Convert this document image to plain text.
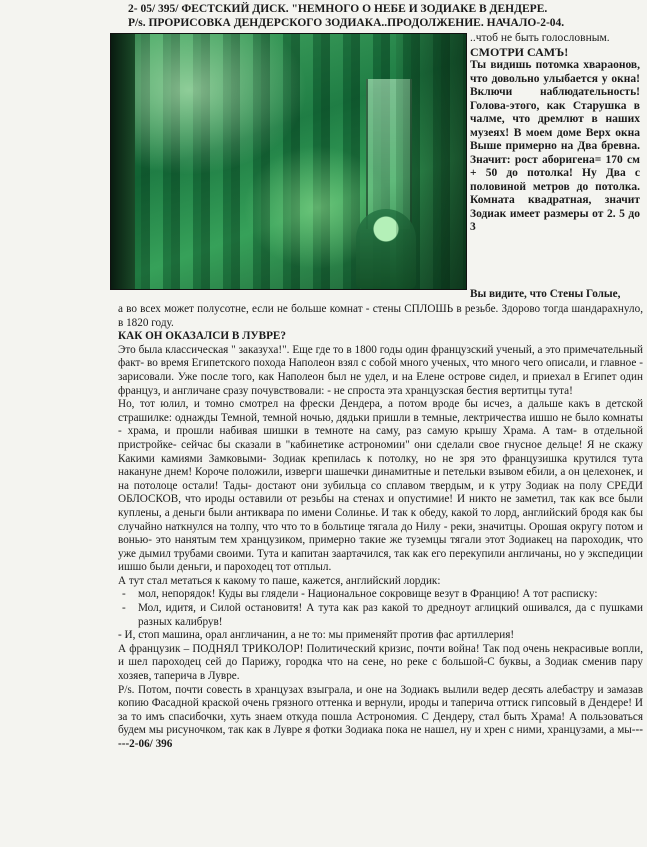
2- 05/ 395/ ФЕСТСКИЙ ДИСК. "НЕМНОГО О НЕБЕ И ЗОДИАКЕ В ДЕНДЕРЕ.
P/s. ПРОРИСОВКА ДЕНДЕРСКОГО ЗОДИАКА..ПРОДОЛЖЕНИЕ. НАЧАЛО-2-04.

..чтоб не быть голословным.

СМОТРИ САМЪ!

Ты видишь потомка хвараонов, что довольно улыбается у окна! Включи наблюдательность! Голова-этого, как Старушка в чалме, что дремлют в наших музеях! В моем доме Верх окна Выше примерно на Два бревна. Значит: рост аборигена= 170 см + 50 до потолка! Ну Два с половиной метров до потолка. Комната квадратная, значит Зодиак имеет размеры от 2. 5 до 3

Вы видите, что Стены Голые,

а во всех может полусотне, если не больше комнат - стены СПЛОШЬ в резьбе. Здорово тогда шандарахнуло, в 1820 году.

КАК ОН ОКАЗАЛСИ В ЛУВРЕ?

Это была классическая " заказуха!". Еще где то в 1800 годы один французский ученый, а это примечательный факт- во время Египетского похода Наполеон взял с собой много ученых, что много чего описали, и главное - зарисовали. Уже после того, как Наполеон был не удел, и на Елене острове сидел, и приехал в Египет один француз, и англичане сразу почувствовали: - не спроста эта хранцузская бестия вертитцы тута!

Но, тот юлил, и томно смотрел на фрески Дендера, а потом вроде бы исчез, а дальше какъ в детской страшилке: однажды Темной, темной ночью, дядьки пришли в темные, лектричества ишшо не было комнаты - храма, и прошли набивая шишки в темноте на саму, раз самую крышу Храма. А там- в отдельной пристройке- сейчас бы сказали в "кабинетике астрономии" они сделали свое гнусное дельце! Я не скажу Какими камиями Замковыми- Зодиак крепилась к потолку, но не зря это французишка крутился тута накануне днем! Короче положили, изверги шашечки динамитные и петельки взывом ебили, а он целехонек, и на потолоце остали! Тады- достают они зубильца со сплавом твердым, и к утру Зодиак на полу СРЕДИ ОБЛОСКОВ, что ироды оставили от резьбы на стенах и опустимие! И никто не заметил, так как все были куплены, а деньги были антиквара по имени Солинье. И так к обеду, какой то лорд, английский бродя как бы случайно наткнулся на толпу, что что то в больтице тягала до Нилу - реки, значитцы. Орошая округу потом и вонью- это нанятым тем хранцузиком, примерно такие же туземцы тягали этот Зодиакец на пароходик, что уже дымил трубами своими. Тута и капитан заартачился, так как его перекупили англичаны, но у экспедиции ишшо были деньги, и пароходец тот отплыл.

А тут стал метаться к какому то паше, кажется, английский лордик:

- мол, непорядок! Куды вы глядели - Национальное сокровище везут в Францию! А тот расписку:

- Мол, идитя, и Силой остановитя! А тута как раз какой то дредноут аглицкий ошивался, да с пушками разных калибрув!

- И, стоп машина, орал англичанин, а не то: мы применяйт против фас артиллерия!

А французик – ПОДНЯЛ ТРИКОЛОР! Политический кризис, почти война! Так под очень некрасивые вопли, и шел пароходец сей до Парижу, городка что на сене, но реке с большой-С буквы, а Зодиак сменив пару хозяев, таперича в Лувре.

P/s. Потом, почти совесть в хранцузах взыграла, и оне на Зодиакъ вылили ведер десять алебастру и замазав копию Фасадной краской очень грязного оттенка и вернули, ироды и таперича оттиск гипсовый в Дендере! И за то имъ спасибочки, хуть знаем откуда пошла Астрономия. С Дендеру, стал быть Храма! А пользоваться будем мы рисуночком, так как в Лувре я фотки Зодиака пока не нашел, ну и хрен с ними, хранцузами, а мы------2-06/ 396
